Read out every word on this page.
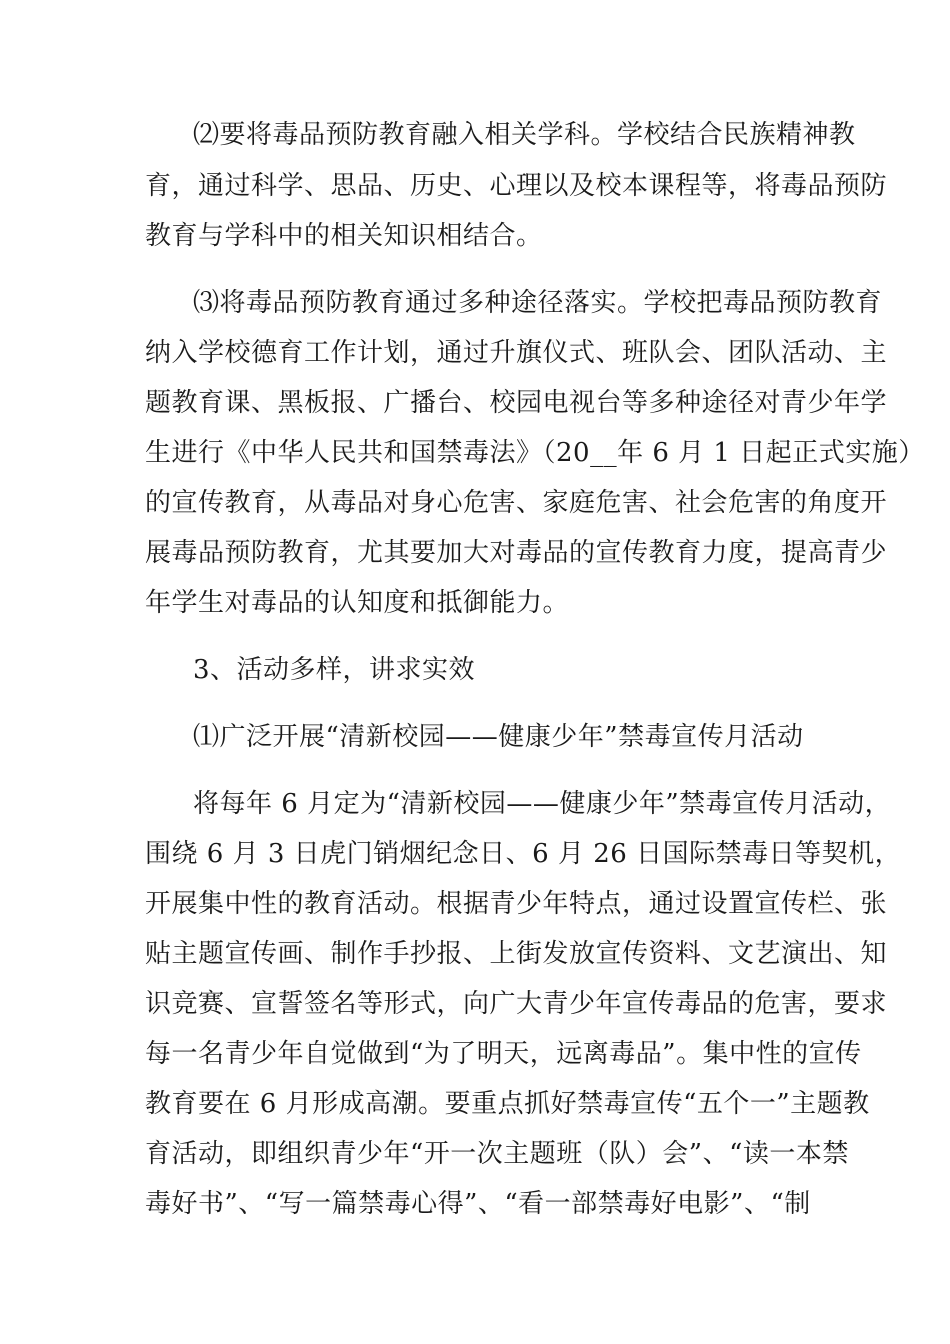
⑵要将毒品预防教育融入相关学科。学校结合民族精神教

育，通过科学、思品、历史、心理以及校本课程等，将毒品预防

教育与学科中的相关知识相结合。

⑶将毒品预防教育通过多种途径落实。学校把毒品预防教育

纳入学校德育工作计划，通过升旗仪式、班队会、团队活动、主

题教育课、黑板报、广播台、校园电视台等多种途径对青少年学

生进行《中华人民共和国禁毒法》（20__年 6 月 1 日起正式实施）

的宣传教育，从毒品对身心危害、家庭危害、社会危害的角度开

展毒品预防教育，尤其要加大对毒品的宣传教育力度，提高青少

年学生对毒品的认知度和抵御能力。

3、活动多样，讲求实效

⑴广泛开展“清新校园——健康少年”禁毒宣传月活动

将每年 6 月定为“清新校园——健康少年”禁毒宣传月活动，

围绕 6 月 3 日虎门销烟纪念日、6 月 26 日国际禁毒日等契机，

开展集中性的教育活动。根据青少年特点，通过设置宣传栏、张

贴主题宣传画、制作手抄报、上街发放宣传资料、文艺演出、知

识竞赛、宣誓签名等形式，向广大青少年宣传毒品的危害，要求

每一名青少年自觉做到“为了明天，远离毒品”。集中性的宣传

教育要在 6 月形成高潮。要重点抓好禁毒宣传“五个一”主题教

育活动，即组织青少年“开一次主题班（队）会”、“读一本禁

毒好书”、“写一篇禁毒心得”、“看一部禁毒好电影”、“制
